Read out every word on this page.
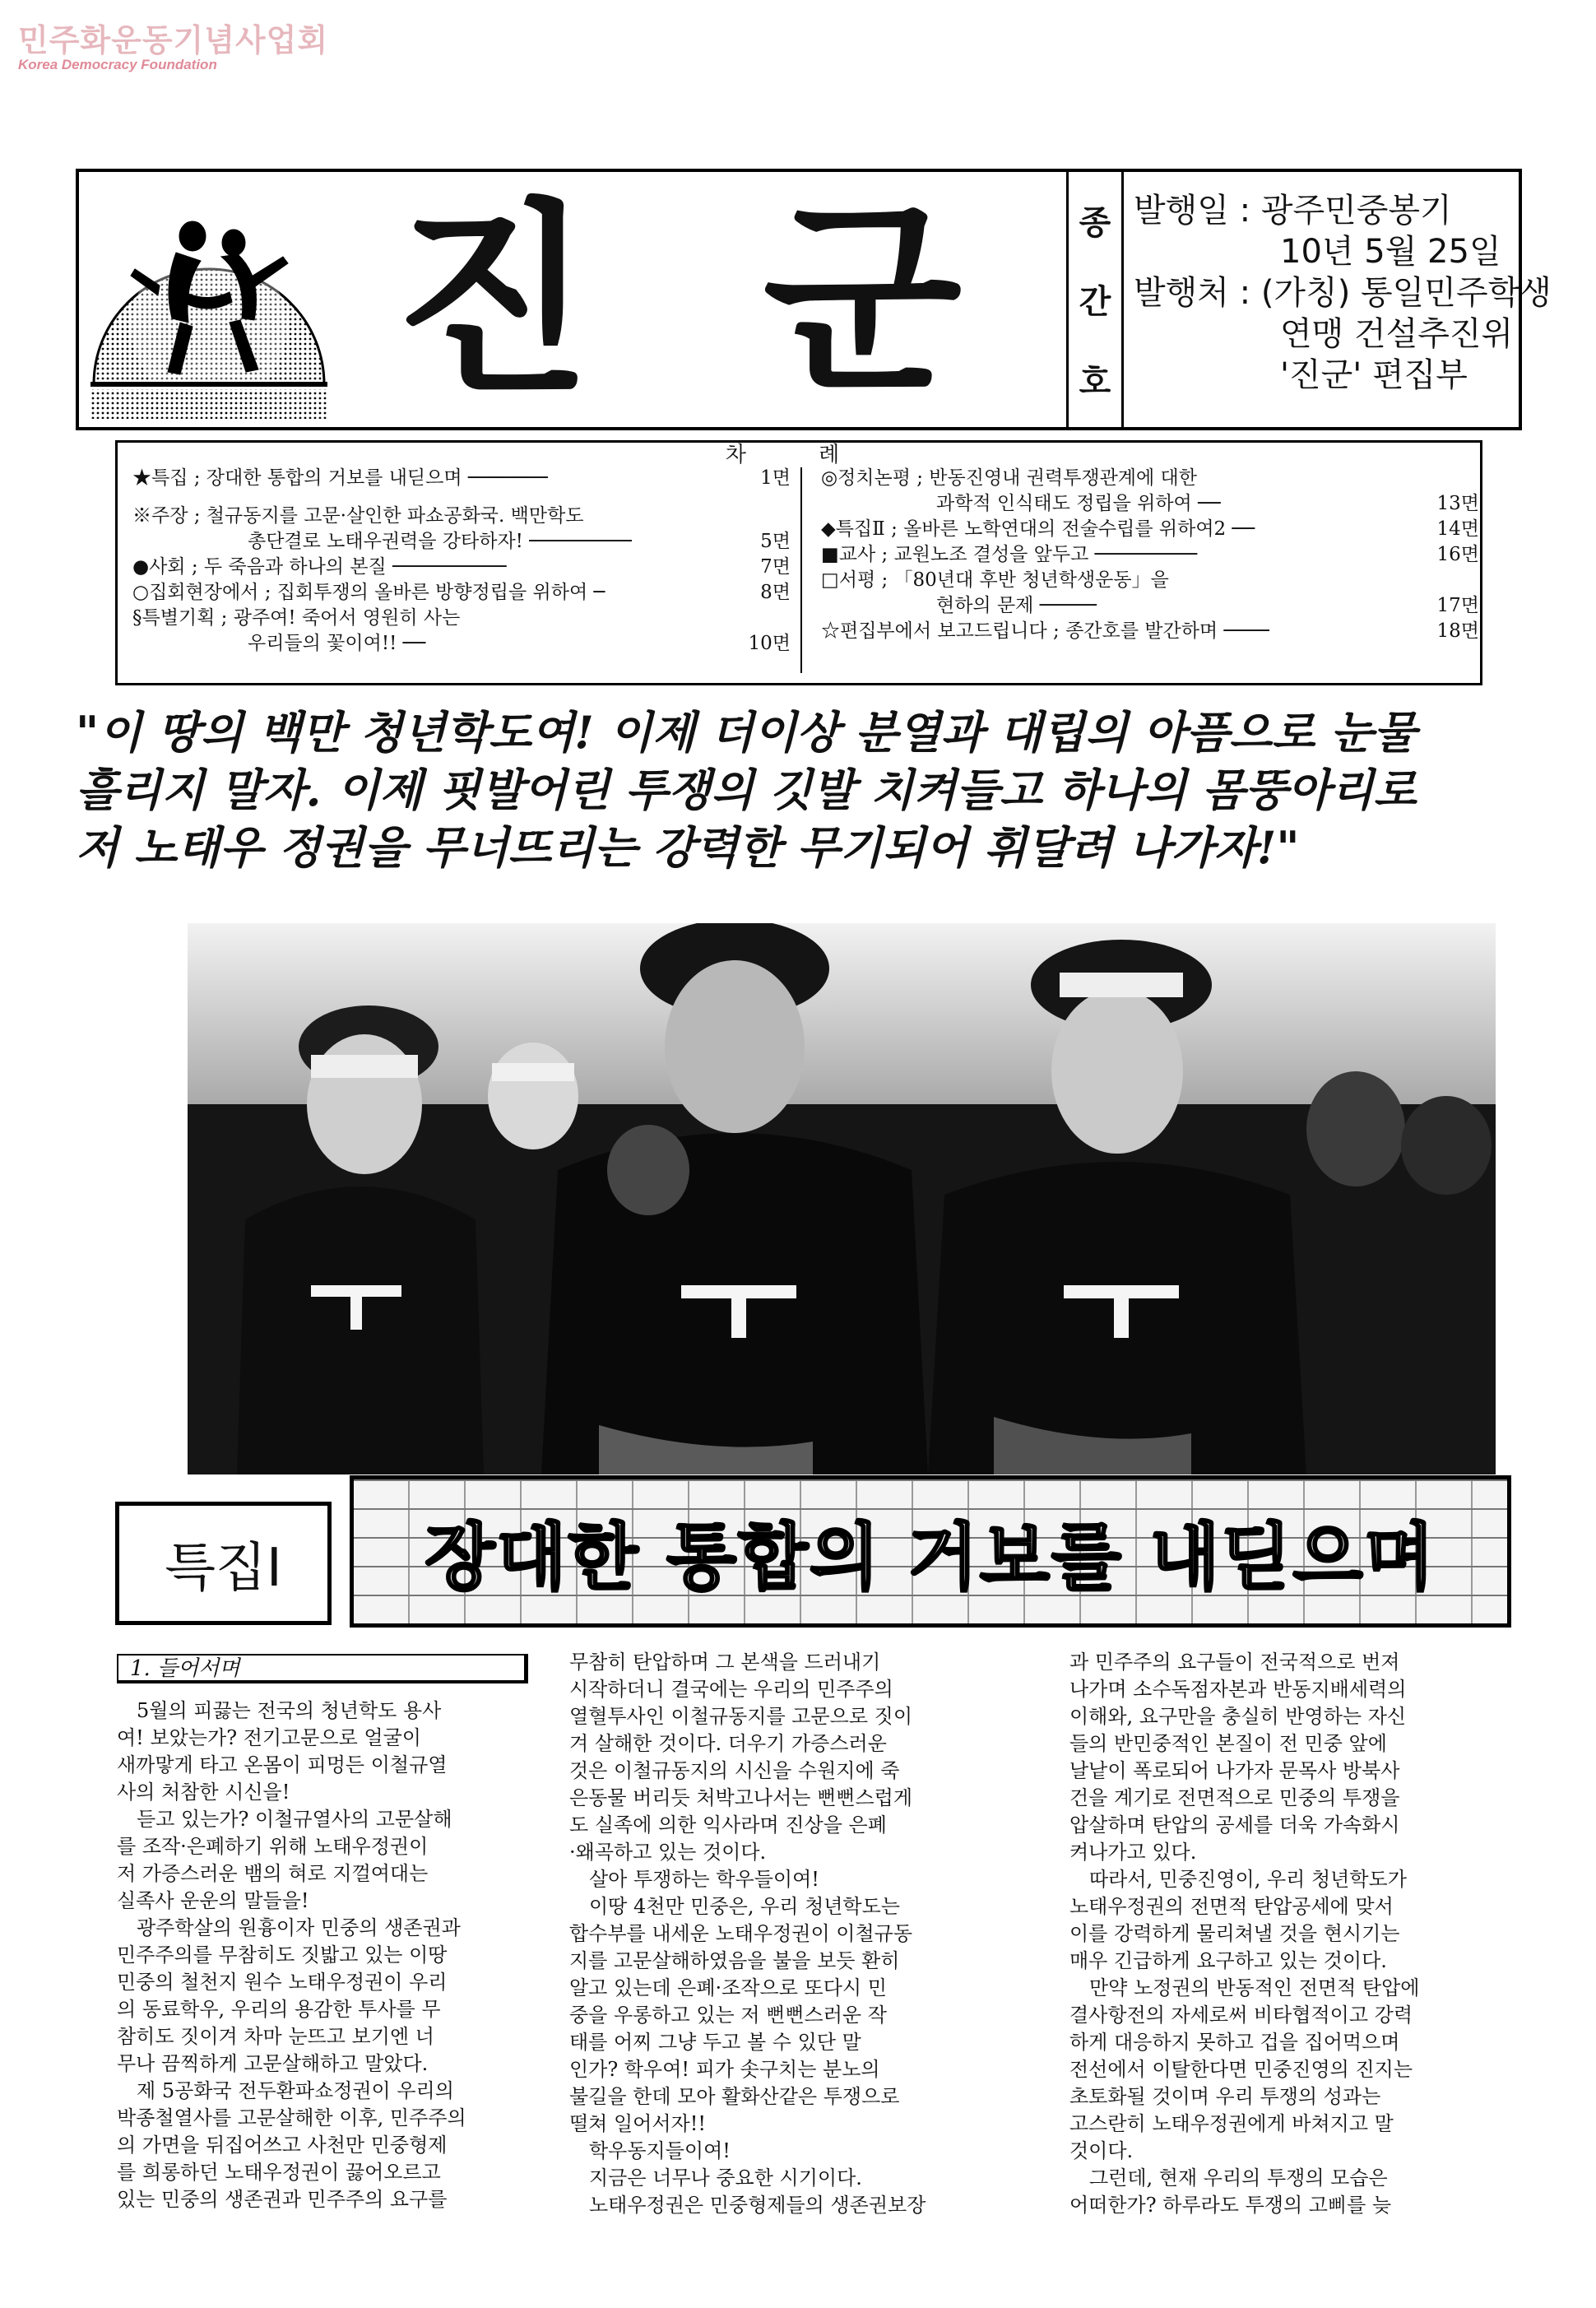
민주화운동기념사업회
Korea Democracy Foundation
진 군	종
간
호
발행일 : 광주민중봉기
10년 5월 25일
발행처 : (가칭) 통일민주학생
연맹 건설추진위
'진군' 편집부
차 례
★특집 ; 장대한 통합의 거보를 내딛으며 ───────	1면
※주장 ; 철규동지를 고문·살인한 파쇼공화국. 백만학도
총단결로 노태우권력을 강타하자! ─────────	5면
●사회 ; 두 죽음과 하나의 본질 ──────────	7면
○집회현장에서 ; 집회투쟁의 올바른 방향정립을 위하여 ─	8면
§특별기획 ; 광주여! 죽어서 영원히 사는
우리들의 꽃이여!! ──	10면
◎정치논평 ; 반동진영내 권력투쟁관계에 대한
과학적 인식태도 정립을 위하여 ──	13면
◆특집Ⅱ ; 올바른 노학연대의 전술수립를 위하여2 ──	14면
■교사 ; 교원노조 결성을 앞두고 ─────────	16면
□서평 ; 「80년대 후반 청년학생운동」을
현하의 문제 ─────	17면
☆편집부에서 보고드립니다 ; 종간호를 발간하며 ────	18면
"이 땅의 백만 청년학도여! 이제 더이상 분열과 대립의 아픔으로 눈물
흘리지 말자. 이제 핏발어린 투쟁의 깃발 치켜들고 하나의 몸뚱아리로
저 노태우 정권을 무너뜨리는 강력한 무기되어 휘달려 나가자!"
특집Ⅰ	장대한 통합의 거보를 내딛으며
1. 들어서며
5월의 피끓는 전국의 청년학도 용사
여! 보았는가? 전기고문으로 얼굴이
새까맣게 타고 온몸이 피멍든 이철규열
사의 처참한 시신을!
듣고 있는가? 이철규열사의 고문살해
를 조작·은폐하기 위해 노태우정권이
저 가증스러운 뱀의 혀로 지껄여대는
실족사 운운의 말들을!
광주학살의 원흉이자 민중의 생존권과
민주주의를 무참히도 짓밟고 있는 이땅
민중의 철천지 원수 노태우정권이 우리
의 동료학우, 우리의 용감한 투사를 무
참히도 짓이겨 차마 눈뜨고 보기엔 너
무나 끔찍하게 고문살해하고 말았다.
제 5공화국 전두환파쇼정권이 우리의
박종철열사를 고문살해한 이후, 민주주의
의 가면을 뒤집어쓰고 사천만 민중형제
를 희롱하던 노태우정권이 끓어오르고
있는 민중의 생존권과 민주주의 요구를
무참히 탄압하며 그 본색을 드러내기
시작하더니 결국에는 우리의 민주주의
열혈투사인 이철규동지를 고문으로 짓이
겨 살해한 것이다. 더우기 가증스러운
것은 이철규동지의 시신을 수원지에 죽
은동물 버리듯 처박고나서는 뻔뻔스럽게
도 실족에 의한 익사라며 진상을 은폐
·왜곡하고 있는 것이다.
살아 투쟁하는 학우들이여!
이땅 4천만 민중은, 우리 청년학도는
합수부를 내세운 노태우정권이 이철규동
지를 고문살해하였음을 불을 보듯 환히
알고 있는데 은폐·조작으로 또다시 민
중을 우롱하고 있는 저 뻔뻔스러운 작
태를 어찌 그냥 두고 볼 수 있단 말
인가? 학우여! 피가 솟구치는 분노의
불길을 한데 모아 활화산같은 투쟁으로
떨쳐 일어서자!!
학우동지들이여!
지금은 너무나 중요한 시기이다.
노태우정권은 민중형제들의 생존권보장
과 민주주의 요구들이 전국적으로 번져
나가며 소수독점자본과 반동지배세력의
이해와, 요구만을 충실히 반영하는 자신
들의 반민중적인 본질이 전 민중 앞에
날낱이 폭로되어 나가자 문목사 방북사
건을 계기로 전면적으로 민중의 투쟁을
압살하며 탄압의 공세를 더욱 가속화시
켜나가고 있다.
따라서, 민중진영이, 우리 청년학도가
노태우정권의 전면적 탄압공세에 맞서
이를 강력하게 물리쳐낼 것을 현시기는
매우 긴급하게 요구하고 있는 것이다.
만약 노정권의 반동적인 전면적 탄압에
결사항전의 자세로써 비타협적이고 강력
하게 대응하지 못하고 겁을 집어먹으며
전선에서 이탈한다면 민중진영의 진지는
초토화될 것이며 우리 투쟁의 성과는
고스란히 노태우정권에게 바쳐지고 말
것이다.
그런데, 현재 우리의 투쟁의 모습은
어떠한가? 하루라도 투쟁의 고삐를 늦
